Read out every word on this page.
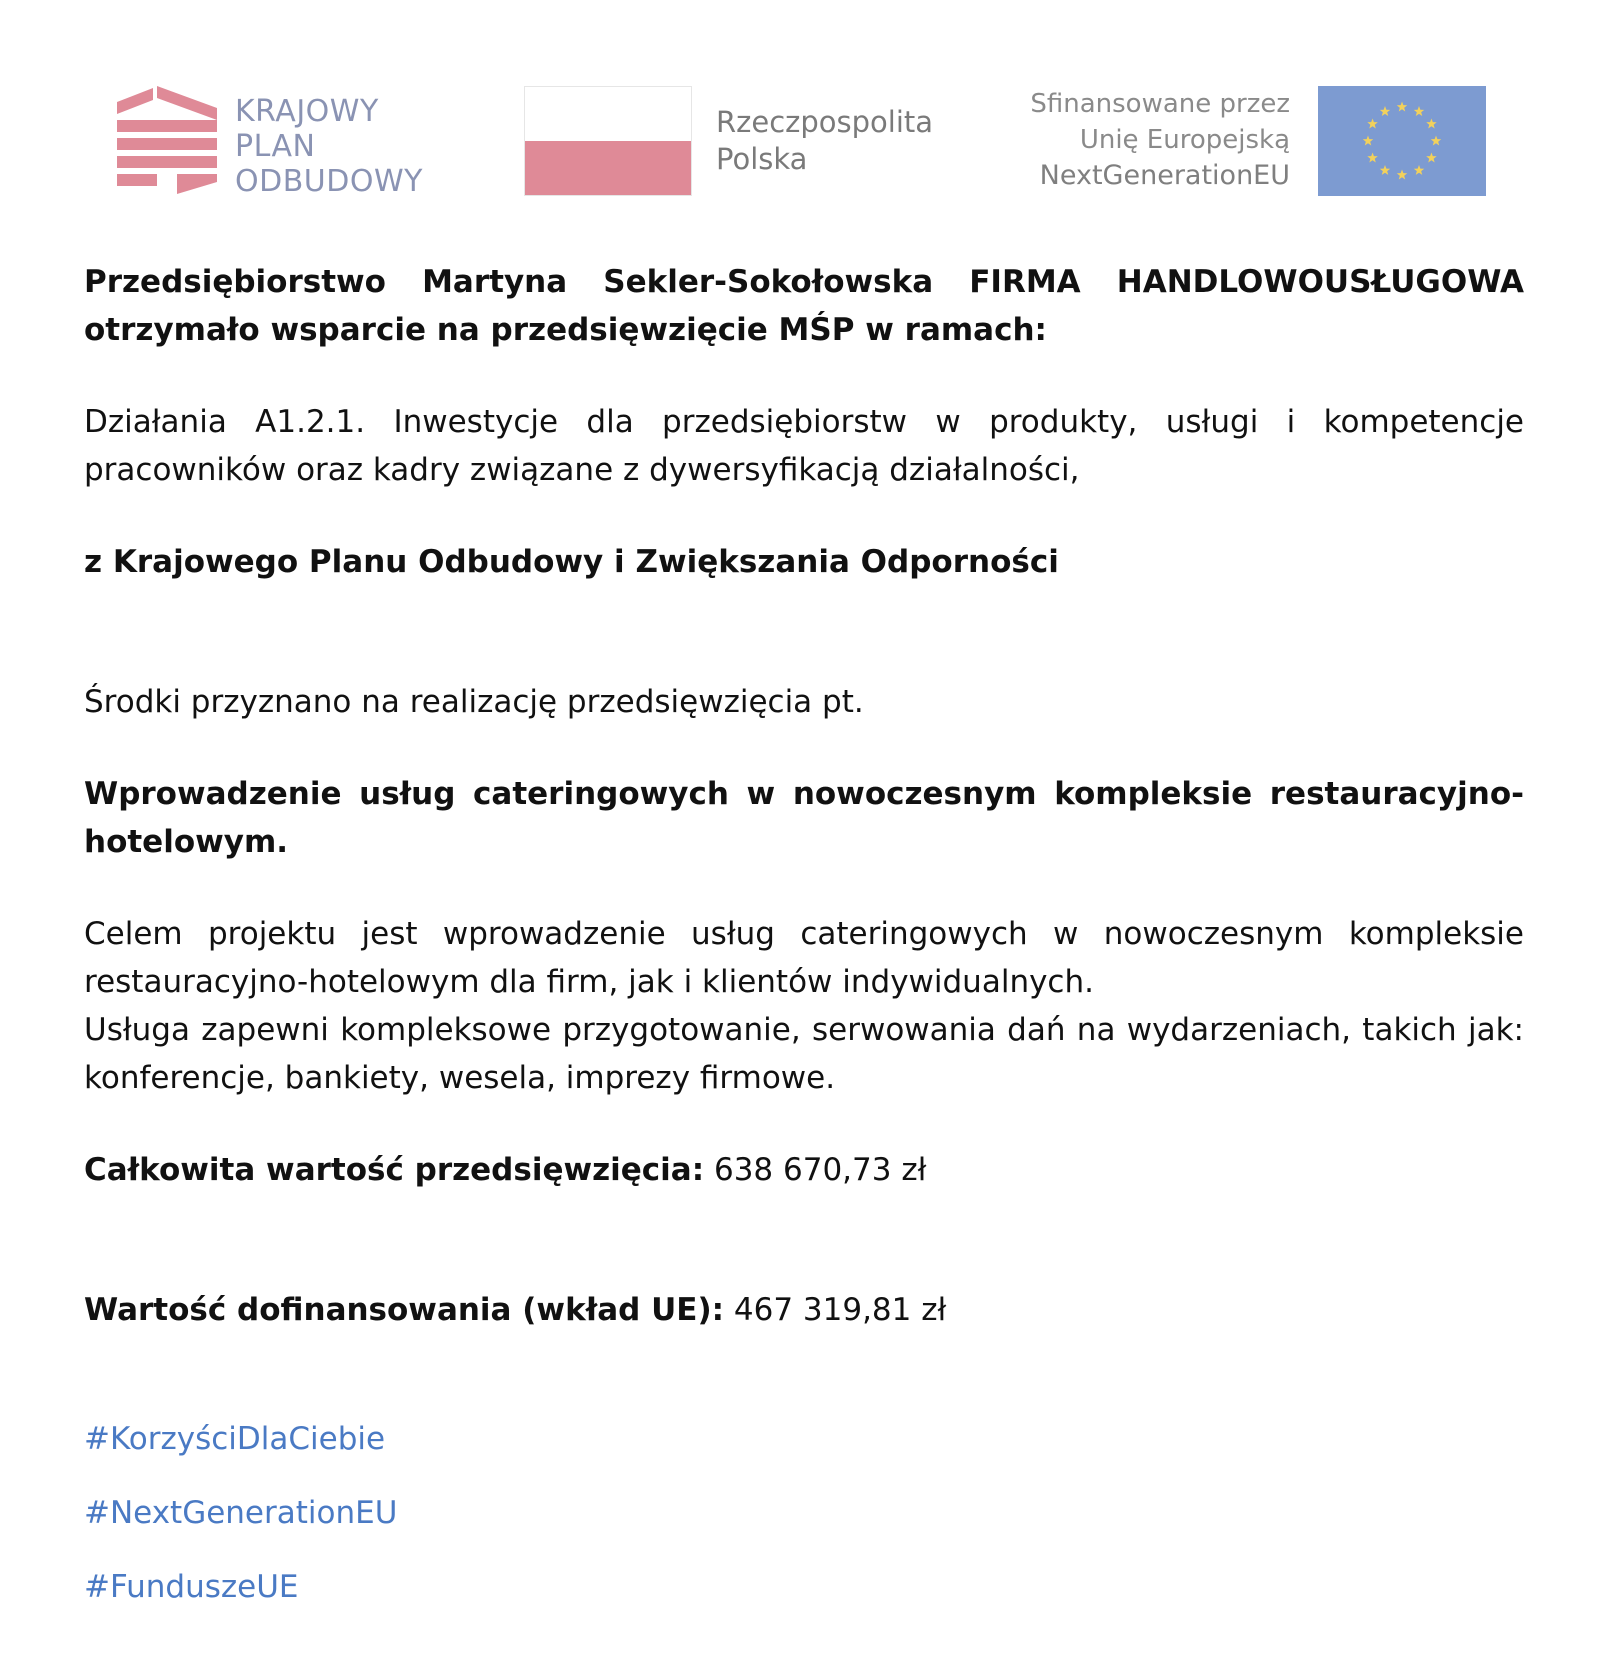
KRAJOWY
PLAN
ODBUDOWY
Rzeczpospolita
Polska
Sfinansowane przez
Unię Europejską
NextGenerationEU

Przedsiębiorstwo Martyna Sekler-Sokołowska FIRMA HANDLOWOUSŁUGOWA otrzymało wsparcie na przedsięwzięcie MŚP w ramach:

Działania A1.2.1. Inwestycje dla przedsiębiorstw w produkty, usługi i kompetencje pracowników oraz kadry związane z dywersyfikacją działalności,

z Krajowego Planu Odbudowy i Zwiększania Odporności

Środki przyznano na realizację przedsięwzięcia pt.

Wprowadzenie usług cateringowych w nowoczesnym kompleksie restauracyjno-hotelowym.

Celem projektu jest wprowadzenie usług cateringowych w nowoczesnym kompleksie restauracyjno-hotelowym dla firm, jak i klientów indywidualnych.

Usługa zapewni kompleksowe przygotowanie, serwowania dań na wydarzeniach, takich jak: konferencje, bankiety, wesela, imprezy firmowe.

Całkowita wartość przedsięwzięcia: 638 670,73 zł

Wartość dofinansowania (wkład UE): 467 319,81 zł

#KorzyściDlaCiebie
#NextGenerationEU
#FunduszeUE
